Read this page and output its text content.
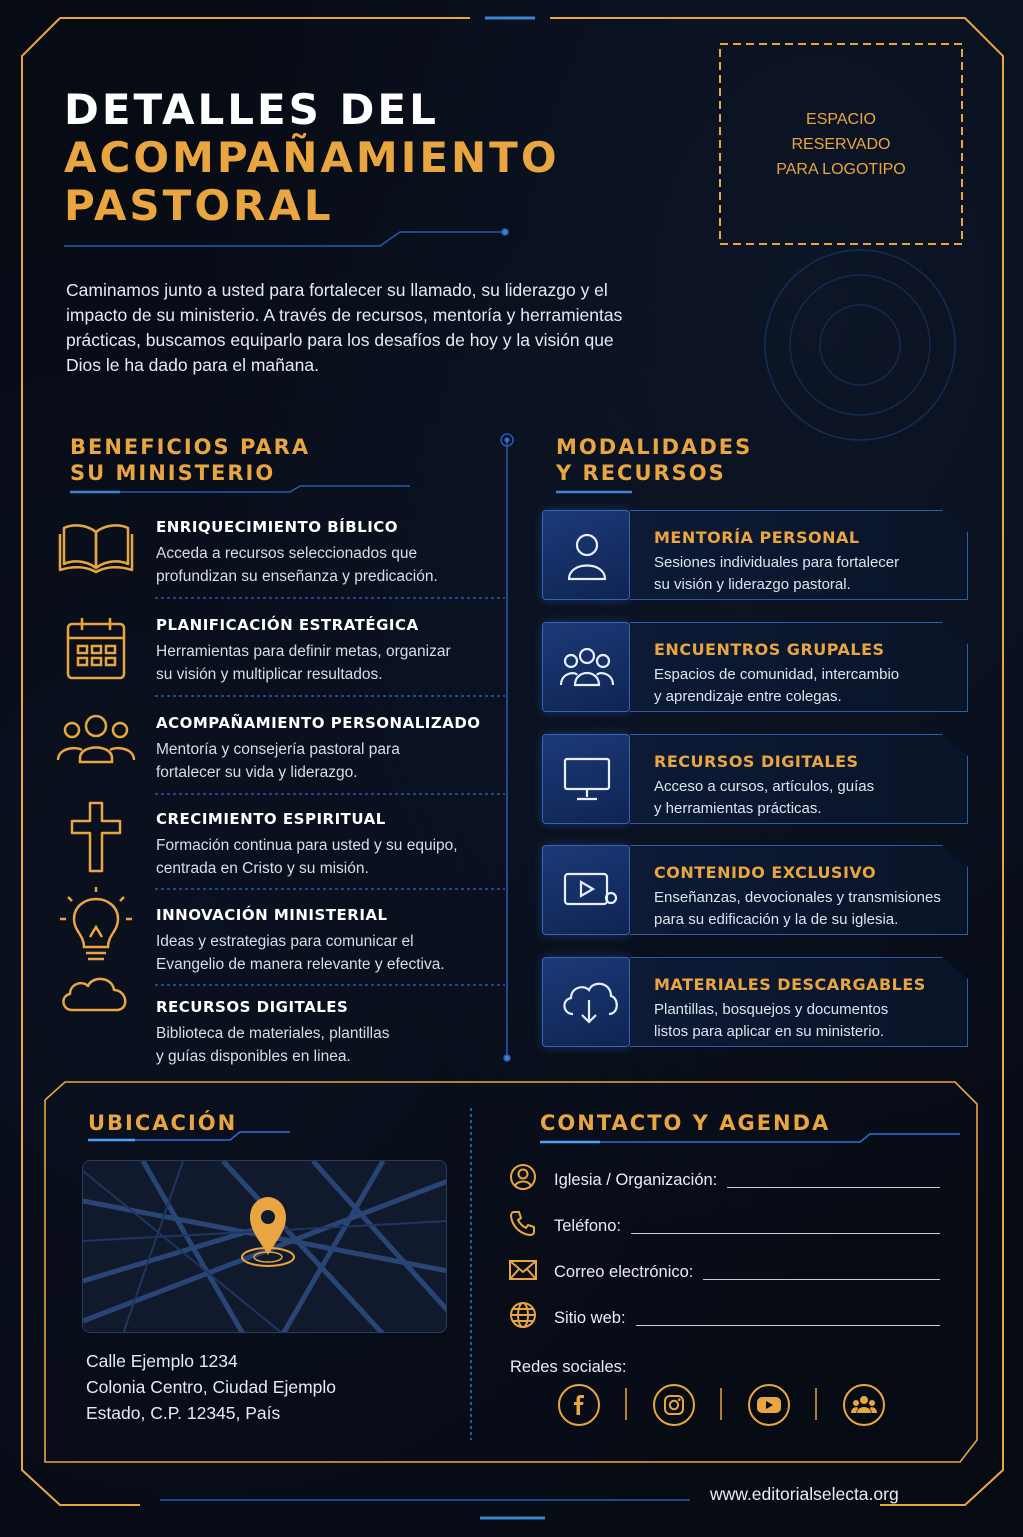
DETALLES DEL
ACOMPAÑAMIENTO
PASTORAL
ESPACIO
RESERVADO
PARA LOGOTIPO

Caminamos junto a usted para fortalecer su llamado, su liderazgo y el impacto de su ministerio. A través de recursos, mentoría y herramientas prácticas, buscamos equiparlo para los desafíos de hoy y la visión que Dios le ha dado para el mañana.

BENEFICIOS PARA
SU MINISTERIO
ENRIQUECIMIENTO BÍBLICO
Acceda a recursos seleccionados que
profundizan su enseñanza y predicación.
PLANIFICACIÓN ESTRATÉGICA
Herramientas para definir metas, organizar
su visión y multiplicar resultados.
ACOMPAÑAMIENTO PERSONALIZADO
Mentoría y consejería pastoral para
fortalecer su vida y liderazgo.
CRECIMIENTO ESPIRITUAL
Formación continua para usted y su equipo,
centrada en Cristo y su misión.
INNOVACIÓN MINISTERIAL
Ideas y estrategias para comunicar el
Evangelio de manera relevante y efectiva.
RECURSOS DIGITALES
Biblioteca de materiales, plantillas
y guías disponibles en linea.
MODALIDADES
Y RECURSOS
MENTORÍA PERSONAL
Sesiones individuales para fortalecer
su visión y liderazgo pastoral.
ENCUENTROS GRUPALES
Espacios de comunidad, intercambio
y aprendizaje entre colegas.
RECURSOS DIGITALES
Acceso a cursos, artículos, guías
y herramientas prácticas.
CONTENIDO EXCLUSIVO
Enseñanzas, devocionales y transmisiones
para su edificación y la de su iglesia.
MATERIALES DESCARGABLES
Plantillas, bosquejos y documentos
listos para aplicar en su ministerio.
UBICACIÓN
Calle Ejemplo 1234
Colonia Centro, Ciudad Ejemplo
Estado, C.P. 12345, País
CONTACTO Y AGENDA
Iglesia / Organización:
Teléfono:
Correo electrónico:
Sitio web:
Redes sociales:
www.editorialselecta.org
